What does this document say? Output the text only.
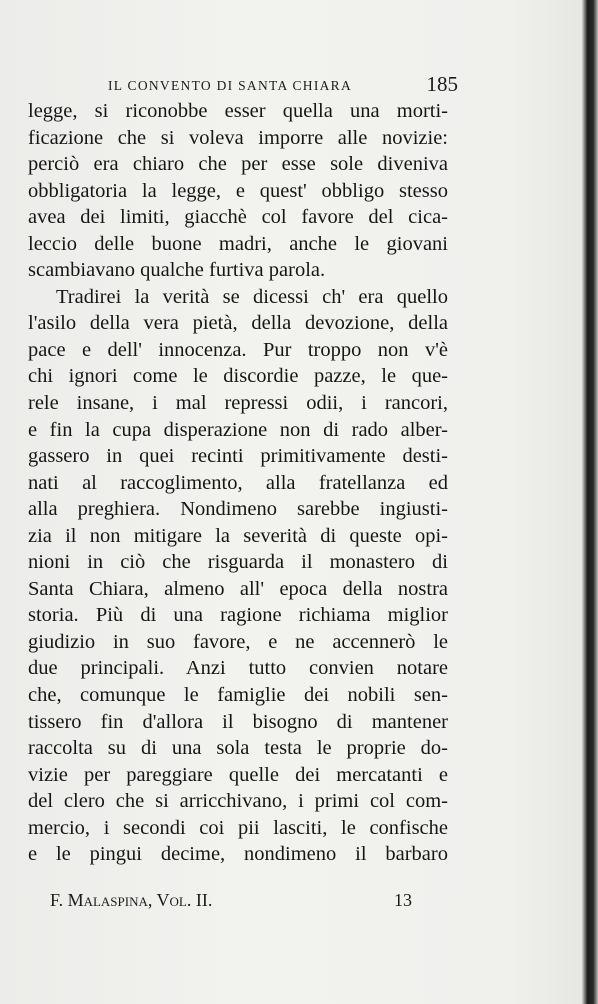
IL CONVENTO DI SANTA CHIARA	185
legge, si riconobbe esser quella una morti-
ficazione che si voleva imporre alle novizie:
perciò era chiaro che per esse sole diveniva
obbligatoria la legge, e quest' obbligo stesso
avea dei limiti, giacchè col favore del cica-
leccio delle buone madri, anche le giovani
scambiavano qualche furtiva parola.
Tradirei la verità se dicessi ch' era quello
l'asilo della vera pietà, della devozione, della
pace e dell' innocenza. Pur troppo non v'è
chi ignori come le discordie pazze, le que-
rele insane, i mal repressi odii, i rancori,
e fin la cupa disperazione non di rado alber-
gassero in quei recinti primitivamente desti-
nati al raccoglimento, alla fratellanza ed
alla preghiera. Nondimeno sarebbe ingiusti-
zia il non mitigare la severità di queste opi-
nioni in ciò che risguarda il monastero di
Santa Chiara, almeno all' epoca della nostra
storia. Più di una ragione richiama miglior
giudizio in suo favore, e ne accennerò le
due principali. Anzi tutto convien notare
che, comunque le famiglie dei nobili sen-
tissero fin d'allora il bisogno di mantener
raccolta su di una sola testa le proprie do-
vizie per pareggiare quelle dei mercatanti e
del clero che si arricchivano, i primi col com-
mercio, i secondi coi pii lasciti, le confische
e le pingui decime, nondimeno il barbaro
F. Malaspina, Vol. II.	13
